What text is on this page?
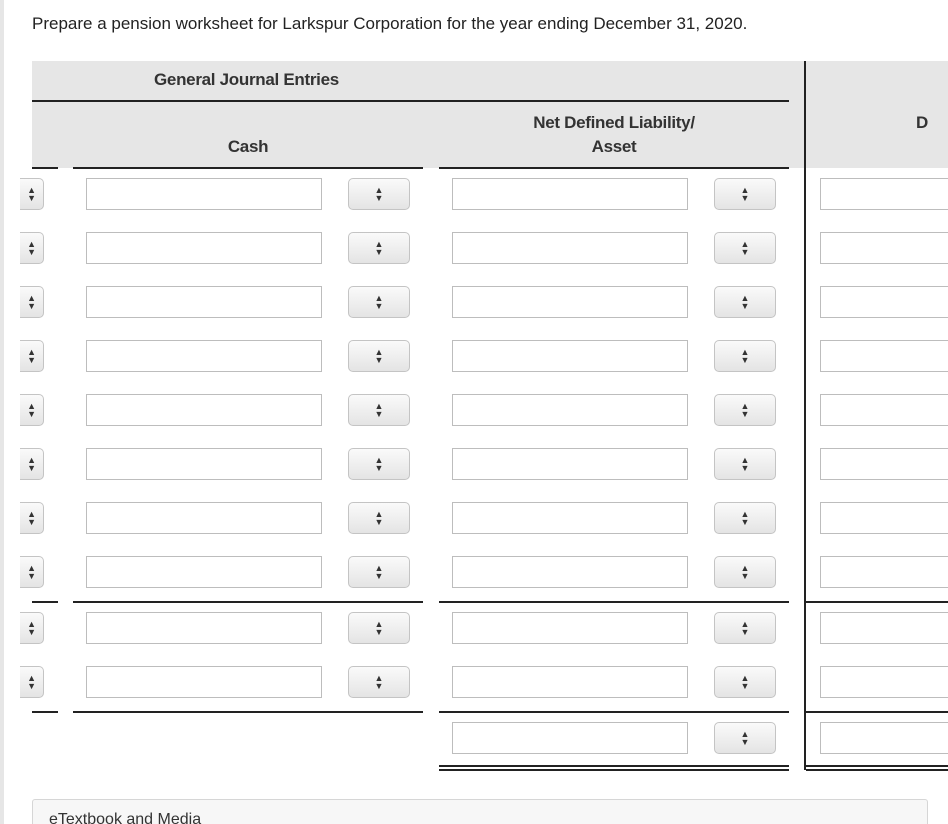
Prepare a pension worksheet for Larkspur Corporation for the year ending December 31, 2020.
General Journal Entries
Cash
Net Defined Liability/
Asset
D
▲
▼
▲
▼
▲
▼
▲
▼
▲
▼
▲
▼
▲
▼
▲
▼
▲
▼
▲
▼
▲
▼
▲
▼
▲
▼
▲
▼
▲
▼
▲
▼
▲
▼
▲
▼
▲
▼
▲
▼
▲
▼
▲
▼
▲
▼
▲
▼
▲
▼
▲
▼
▲
▼
▲
▼
▲
▼
▲
▼
▲
▼
eTextbook and Media
